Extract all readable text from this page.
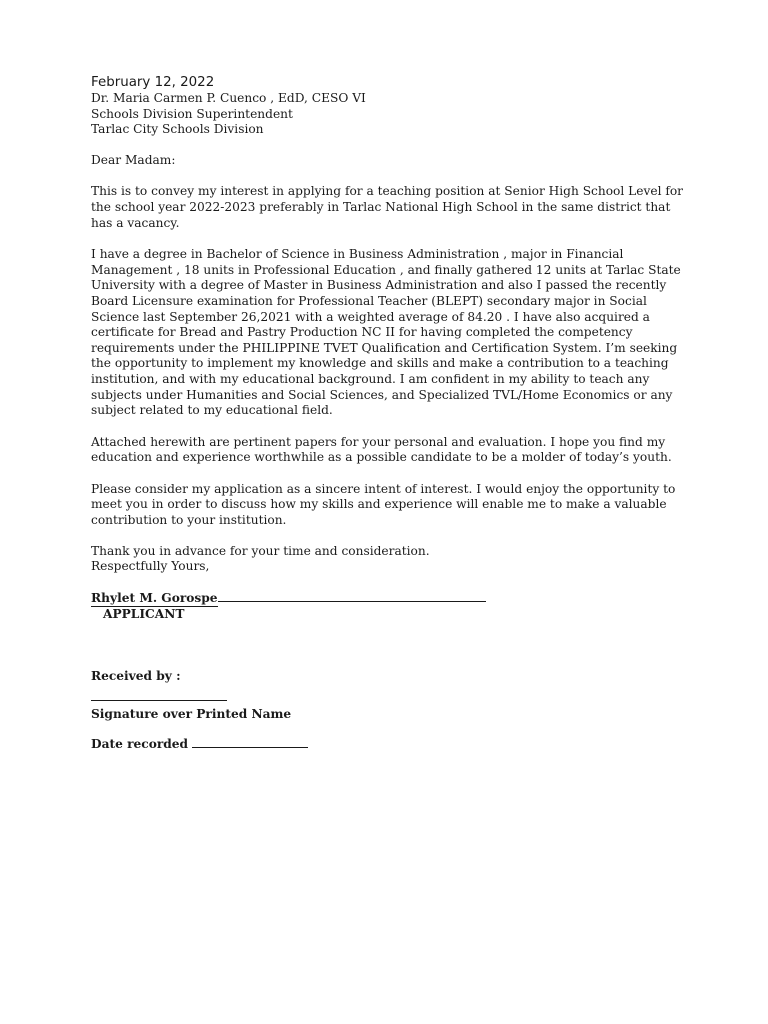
February 12, 2022

Dr. Maria Carmen P. Cuenco , EdD, CESO VI

Schools Division Superintendent

Tarlac City Schools Division

Dear Madam:

This is to convey my interest in applying for a teaching position at Senior High School Level for the school year 2022-2023 preferably in Tarlac National High School in the same district that has a vacancy.

I have a degree in Bachelor of Science in Business Administration , major in Financial Management , 18 units in Professional Education , and finally gathered 12 units at Tarlac State University with a degree of Master in Business Administration and also I passed the recently Board Licensure examination for Professional Teacher (BLEPT) secondary major in Social Science last September 26,2021 with a weighted average of 84.20 . I have also acquired a certificate for Bread and Pastry Production NC II for having completed the competency requirements under the PHILIPPINE TVET Qualification and Certification System. I’m seeking the opportunity to implement my knowledge and skills and make a contribution to a teaching institution, and with my educational background. I am confident in my ability to teach any subjects under Humanities and Social Sciences, and Specialized TVL/Home Economics or any subject related to my educational field.

Attached herewith are pertinent papers for your personal and evaluation. I hope you find my education and experience worthwhile as a possible candidate to be a molder of today’s youth.

Please consider my application as a sincere intent of interest. I would enjoy the opportunity to meet you in order to discuss how my skills and experience will enable me to make a valuable contribution to your institution.

Thank you in advance for your time and consideration.

Respectfully Yours,

Rhylet M. Gorospe

APPLICANT

Received by :

Signature over Printed Name

Date recorded
